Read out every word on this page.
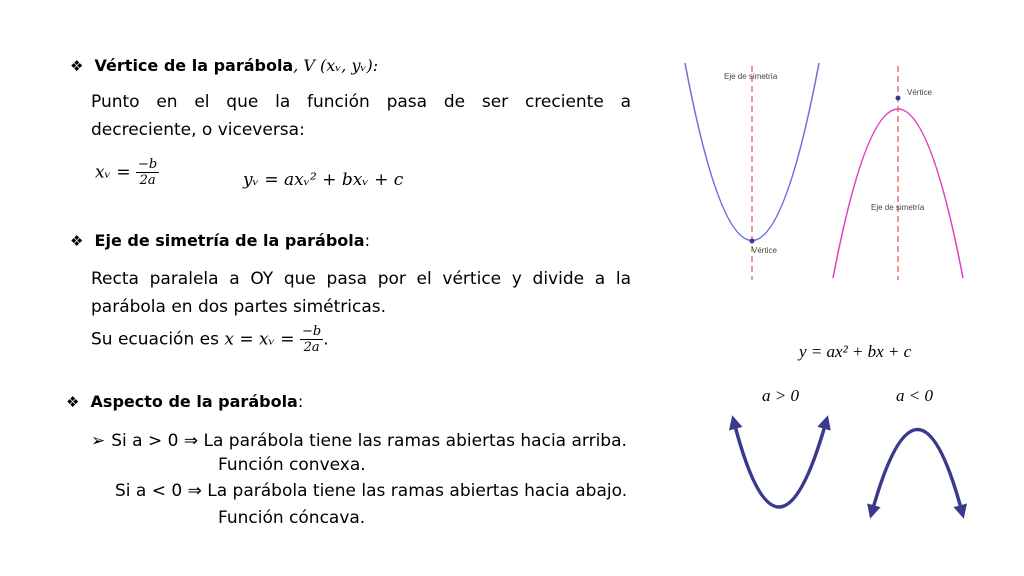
❖ Vértice de la parábola, V (xᵥ, yᵥ):
Punto en el que la función pasa de ser creciente a
decreciente, o viceversa:
xᵥ = $\frac{-b}{2a}$	yᵥ = axᵥ² + bxᵥ + c
❖ Eje de simetría de la parábola:
Recta paralela a OY que pasa por el vértice y divide a la
parábola en dos partes simétricas.
Su ecuación es x = xᵥ = $\frac{-b}{2a}$ .
❖ Aspecto de la parábola:
➢ Si a > 0 ⇒ La parábola tiene las ramas abiertas hacia arriba.
Función convexa.
Si a < 0 ⇒ La parábola tiene las ramas abiertas hacia abajo.
Función cóncava.
Eje de simetría
Vértice
Vértice
Eje de simetría
y = ax² + bx + c
a > 0	a < 0
